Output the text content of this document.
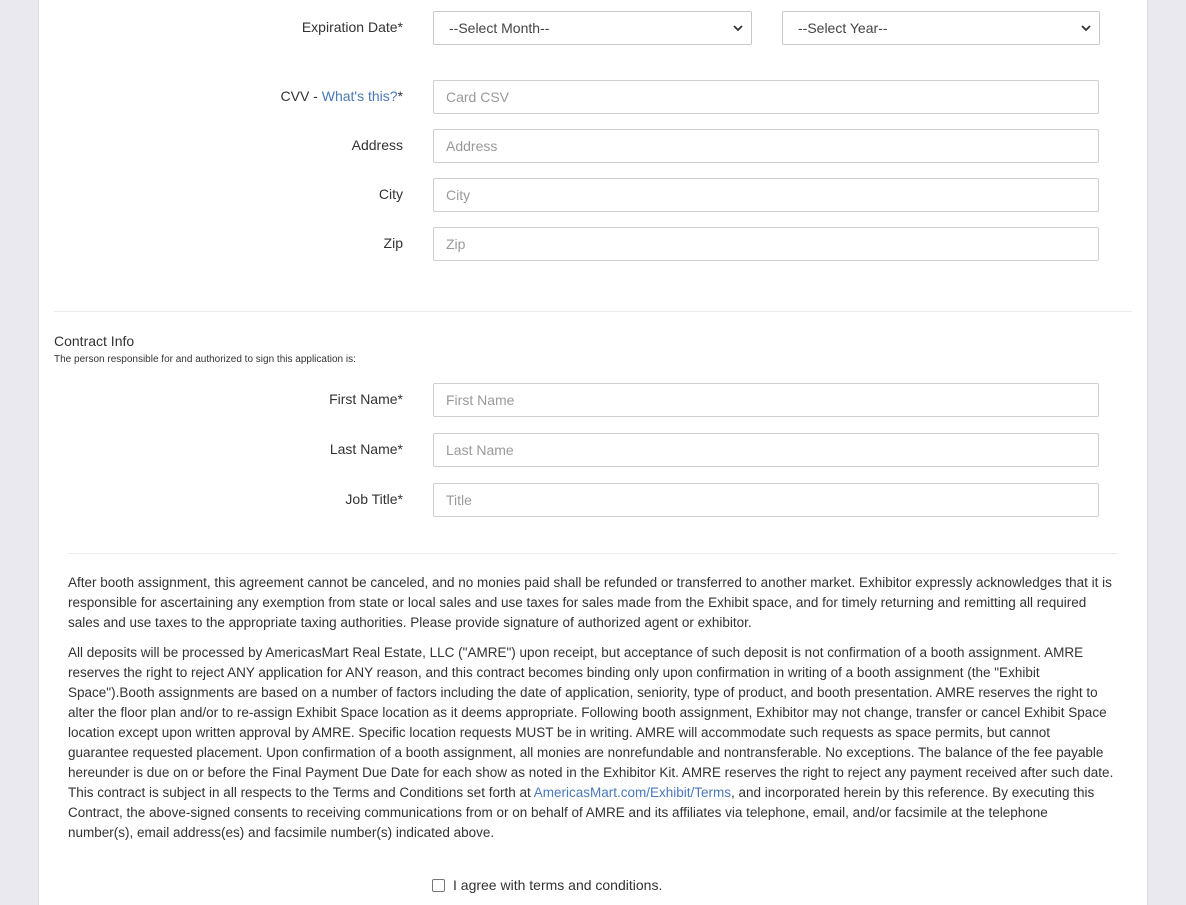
Expiration Date*	--Select Month--	--Select Year--
CVV - What's this?*
Card CSV
Address
Address
City
City
Zip
Zip
Contract Info
The person responsible for and authorized to sign this application is:
First Name*
First Name
Last Name*
Last Name
Job Title*
Title

After booth assignment, this agreement cannot be canceled, and no monies paid shall be refunded or transferred to another market. Exhibitor expressly acknowledges that it is responsible for ascertaining any exemption from state or local sales and use taxes for sales made from the Exhibit space, and for timely returning and remitting all required sales and use taxes to the appropriate taxing authorities. Please provide signature of authorized agent or exhibitor.

All deposits will be processed by AmericasMart Real Estate, LLC ("AMRE") upon receipt, but acceptance of such deposit is not confirmation of a booth assignment. AMRE reserves the right to reject ANY application for ANY reason, and this contract becomes binding only upon confirmation in writing of a booth assignment (the "Exhibit Space").Booth assignments are based on a number of factors including the date of application, seniority, type of product, and booth presentation. AMRE reserves the right to alter the floor plan and/or to re-assign Exhibit Space location as it deems appropriate. Following booth assignment, Exhibitor may not change, transfer or cancel Exhibit Space location except upon written approval by AMRE. Specific location requests MUST be in writing. AMRE will accommodate such requests as space permits, but cannot guarantee requested placement. Upon confirmation of a booth assignment, all monies are nonrefundable and nontransferable. No exceptions. The balance of the fee payable hereunder is due on or before the Final Payment Due Date for each show as noted in the Exhibitor Kit. AMRE reserves the right to reject any payment received after such date. This contract is subject in all respects to the Terms and Conditions set forth at AmericasMart.com/Exhibit/Terms, and incorporated herein by this reference. By executing this Contract, the above-signed consents to receiving communications from or on behalf of AMRE and its affiliates via telephone, email, and/or facsimile at the telephone number(s), email address(es) and facsimile number(s) indicated above.

I agree with terms and conditions.
